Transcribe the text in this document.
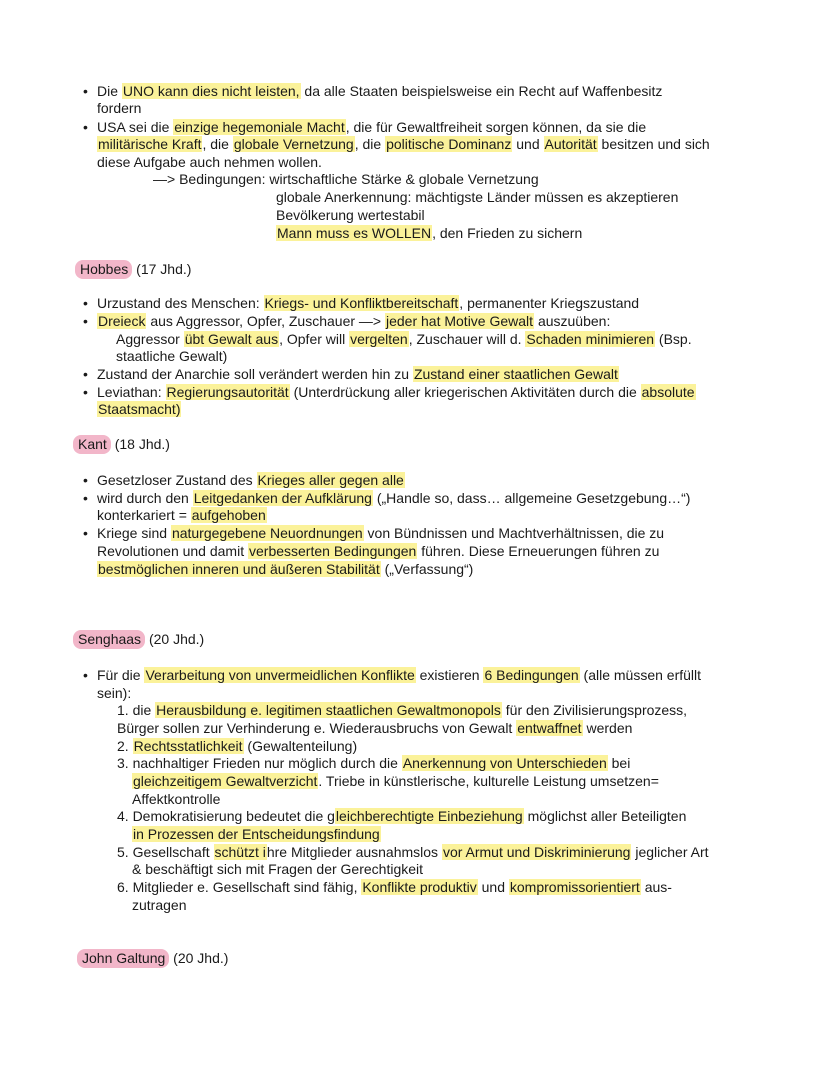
• Die UNO kann dies nicht leisten, da alle Staaten beispielsweise ein Recht auf Waffenbesitz
fordern
• USA sei die einzige hegemoniale Macht, die für Gewaltfreiheit sorgen können, da sie die
militärische Kraft, die globale Vernetzung, die politische Dominanz und Autorität besitzen und sich
diese Aufgabe auch nehmen wollen.
—> Bedingungen: wirtschaftliche Stärke & globale Vernetzung
globale Anerkennung: mächtigste Länder müssen es akzeptieren
Bevölkerung wertestabil
Mann muss es WOLLEN, den Frieden zu sichern
Hobbes (17 Jhd.)
• Urzustand des Menschen: Kriegs- und Konfliktbereitschaft, permanenter Kriegszustand
• Dreieck aus Aggressor, Opfer, Zuschauer —> jeder hat Motive Gewalt auszuüben:
Aggressor übt Gewalt aus, Opfer will vergelten, Zuschauer will d. Schaden minimieren (Bsp.
staatliche Gewalt)
• Zustand der Anarchie soll verändert werden hin zu Zustand einer staatlichen Gewalt
• Leviathan: Regierungsautorität (Unterdrückung aller kriegerischen Aktivitäten durch die absolute
Staatsmacht)
Kant (18 Jhd.)
• Gesetzloser Zustand des Krieges aller gegen alle
• wird durch den Leitgedanken der Aufklärung („Handle so, dass… allgemeine Gesetzgebung…“)
konterkariert = aufgehoben
• Kriege sind naturgegebene Neuordnungen von Bündnissen und Machtverhältnissen, die zu
Revolutionen und damit verbesserten Bedingungen führen. Diese Erneuerungen führen zu
bestmöglichen inneren und äußeren Stabilität („Verfassung“)
Senghaas (20 Jhd.)
• Für die Verarbeitung von unvermeidlichen Konflikte existieren 6 Bedingungen (alle müssen erfüllt
sein):
1. die Herausbildung e. legitimen staatlichen Gewaltmonopols für den Zivilisierungsprozess,
Bürger sollen zur Verhinderung e. Wiederausbruchs von Gewalt entwaffnet werden
2. Rechtsstatlichkeit (Gewaltenteilung)
3. nachhaltiger Frieden nur möglich durch die Anerkennung von Unterschieden bei
gleichzeitigem Gewaltverzicht. Triebe in künstlerische, kulturelle Leistung umsetzen=
Affektkontrolle
4. Demokratisierung bedeutet die gleichberechtigte Einbeziehung möglichst aller Beteiligten
in Prozessen der Entscheidungsfindung
5. Gesellschaft schützt ihre Mitglieder ausnahmslos vor Armut und Diskriminierung jeglicher Art
& beschäftigt sich mit Fragen der Gerechtigkeit
6. Mitglieder e. Gesellschaft sind fähig, Konflikte produktiv und kompromissorientiert aus-
zutragen
John Galtung (20 Jhd.)
